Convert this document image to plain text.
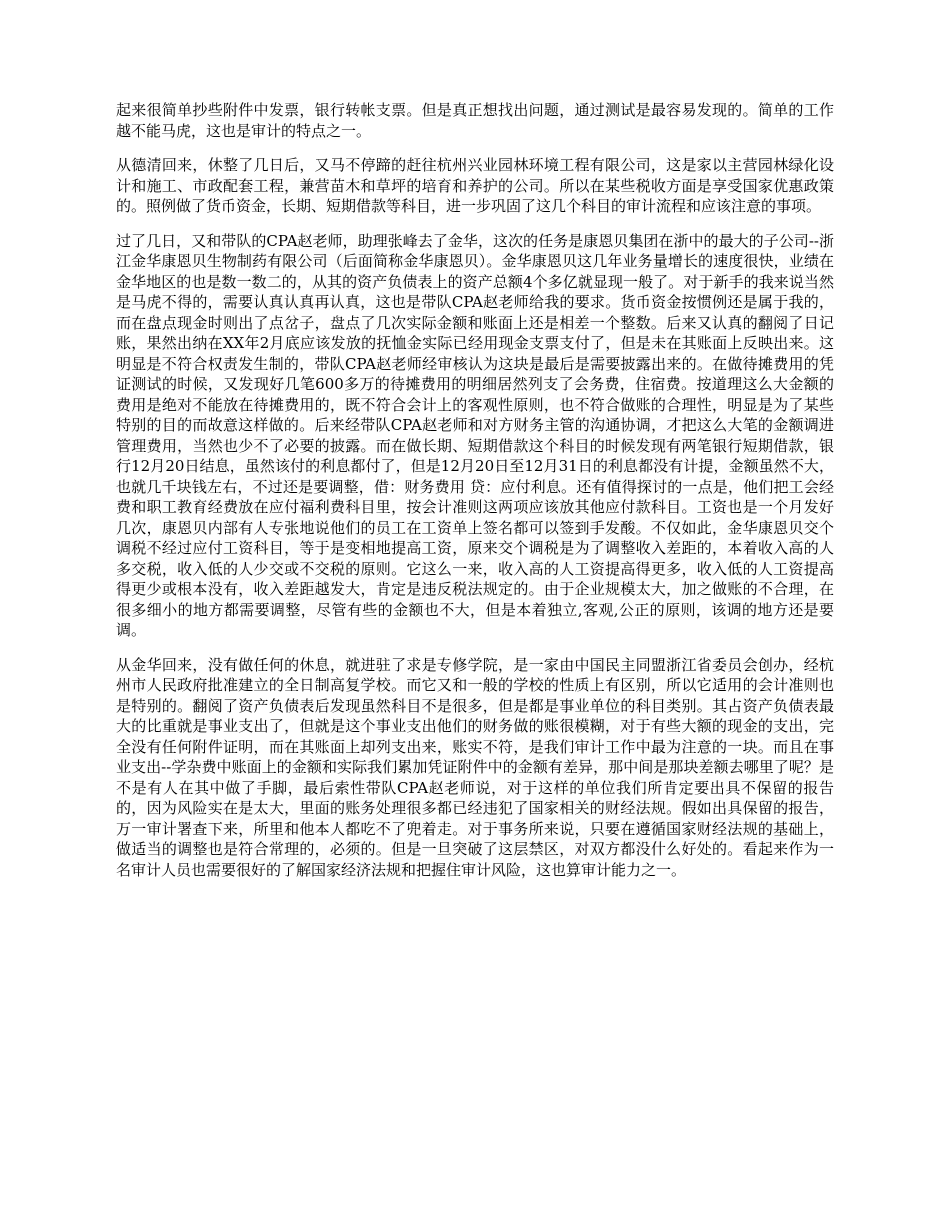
起来很简单抄些附件中发票，银行转帐支票。但是真正想找出问题，通过测试是最容易发现的。简单的工作越不能马虎，这也是审计的特点之一。

从德清回来，休整了几日后，又马不停蹄的赶往杭州兴业园林环境工程有限公司，这是家以主营园林绿化设计和施工、市政配套工程，兼营苗木和草坪的培育和养护的公司。所以在某些税收方面是享受国家优惠政策的。照例做了货币资金，长期、短期借款等科目，进一步巩固了这几个科目的审计流程和应该注意的事项。

过了几日，又和带队的CPA赵老师，助理张峰去了金华，这次的任务是康恩贝集团在浙中的最大的子公司--浙江金华康恩贝生物制药有限公司（后面简称金华康恩贝）。金华康恩贝这几年业务量增长的速度很快，业绩在金华地区的也是数一数二的，从其的资产负债表上的资产总额4个多亿就显现一般了。对于新手的我来说当然是马虎不得的，需要认真认真再认真，这也是带队CPA赵老师给我的要求。货币资金按惯例还是属于我的，而在盘点现金时则出了点岔子，盘点了几次实际金额和账面上还是相差一个整数。后来又认真的翻阅了日记账，果然出纳在XX年2月底应该发放的抚恤金实际已经用现金支票支付了，但是未在其账面上反映出来。这明显是不符合权责发生制的，带队CPA赵老师经审核认为这块是最后是需要披露出来的。在做待摊费用的凭证测试的时候，又发现好几笔600多万的待摊费用的明细居然列支了会务费，住宿费。按道理这么大金额的费用是绝对不能放在待摊费用的，既不符合会计上的客观性原则，也不符合做账的合理性，明显是为了某些特别的目的而故意这样做的。后来经带队CPA赵老师和对方财务主管的沟通协调，才把这么大笔的金额调进管理费用，当然也少不了必要的披露。而在做长期、短期借款这个科目的时候发现有两笔银行短期借款，银行12月20日结息，虽然该付的利息都付了，但是12月20日至12月31日的利息都没有计提，金额虽然不大，也就几千块钱左右，不过还是要调整，借：财务费用 贷：应付利息。还有值得探讨的一点是，他们把工会经费和职工教育经费放在应付福利费科目里，按会计准则这两项应该放其他应付款科目。工资也是一个月发好几次，康恩贝内部有人专张地说他们的员工在工资单上签名都可以签到手发酸。不仅如此，金华康恩贝交个调税不经过应付工资科目，等于是变相地提高工资，原来交个调税是为了调整收入差距的，本着收入高的人多交税，收入低的人少交或不交税的原则。它这么一来，收入高的人工资提高得更多，收入低的人工资提高得更少或根本没有，收入差距越发大，肯定是违反税法规定的。由于企业规模太大，加之做账的不合理，在很多细小的地方都需要调整，尽管有些的金额也不大，但是本着独立,客观,公正的原则，该调的地方还是要调。

从金华回来，没有做任何的休息，就进驻了求是专修学院，是一家由中国民主同盟浙江省委员会创办，经杭州市人民政府批准建立的全日制高复学校。而它又和一般的学校的性质上有区别，所以它适用的会计准则也是特别的。翻阅了资产负债表后发现虽然科目不是很多，但是都是事业单位的科目类别。其占资产负债表最大的比重就是事业支出了，但就是这个事业支出他们的财务做的账很模糊，对于有些大额的现金的支出，完全没有任何附件证明，而在其账面上却列支出来，账实不符，是我们审计工作中最为注意的一块。而且在事业支出--学杂费中账面上的金额和实际我们累加凭证附件中的金额有差异，那中间是那块差额去哪里了呢？是不是有人在其中做了手脚，最后索性带队CPA赵老师说，对于这样的单位我们所肯定要出具不保留的报告的，因为风险实在是太大，里面的账务处理很多都已经违犯了国家相关的财经法规。假如出具保留的报告，万一审计署查下来，所里和他本人都吃不了兜着走。对于事务所来说，只要在遵循国家财经法规的基础上，做适当的调整也是符合常理的，必须的。但是一旦突破了这层禁区，对双方都没什么好处的。看起来作为一名审计人员也需要很好的了解国家经济法规和把握住审计风险，这也算审计能力之一。
